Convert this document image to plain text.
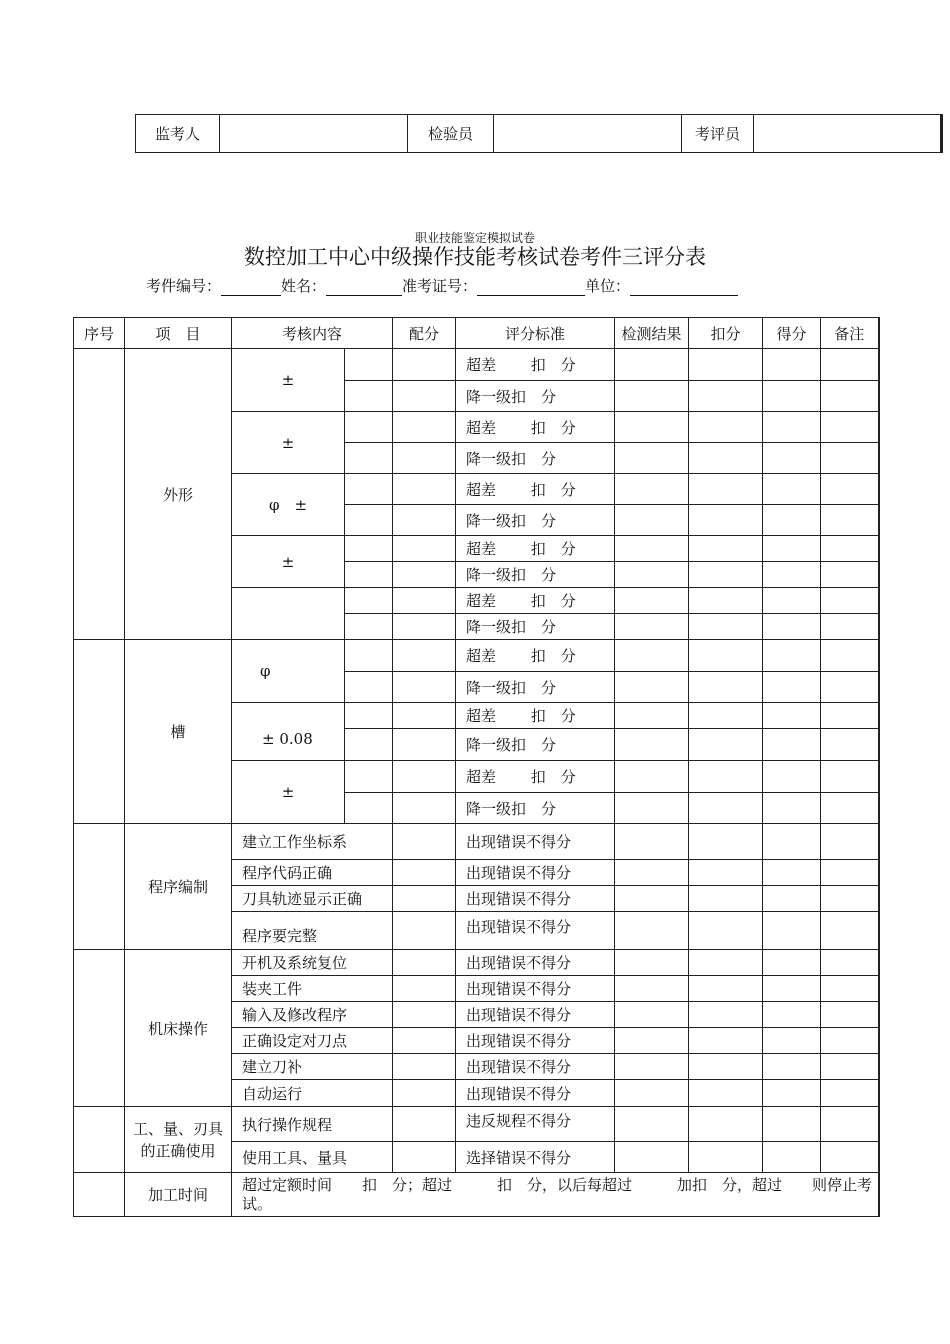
监考人		检验员		考评员	
职业技能鉴定模拟试卷
数控加工中心中级操作技能考核试卷考件三评分表
考件编号：	姓名：	准考证号：	单位：
序号	项　目	考核内容		配分	评分标准	检测结果	扣分	得分	备注
	外形	±			超差　　 扣　分				
					降一级扣　分				
		±			超差　　 扣　分				
					降一级扣　分				
		φ　±			超差　　 扣　分				
					降一级扣　分				
		±			超差　　 扣　分				
					降一级扣　分				
					超差　　 扣　分				
					降一级扣　分				
	槽	φ			超差　　 扣　分				
					降一级扣　分				
		± 0.08			超差　　 扣　分				
					降一级扣　分				
		±			超差　　 扣　分				
					降一级扣　分				
	程序编制	建立工作坐标系			出现错误不得分				
		程序代码正确			出现错误不得分				
		刀具轨迹显示正确			出现错误不得分				
		程序要完整			出现错误不得分				
	机床操作	开机及系统复位			出现错误不得分				
		装夹工件			出现错误不得分				
		输入及修改程序			出现错误不得分				
		正确设定对刀点			出现错误不得分				
		建立刀补			出现错误不得分				
		自动运行			出现错误不得分				
	工、量、刃具的正确使用	执行操作规程			违反规程不得分				
		使用工具、量具			选择错误不得分				
	加工时间	超过定额时间　　扣　分；超过　　　扣　分，以后每超过　　　加扣　分，超过　　则停止考试。							
